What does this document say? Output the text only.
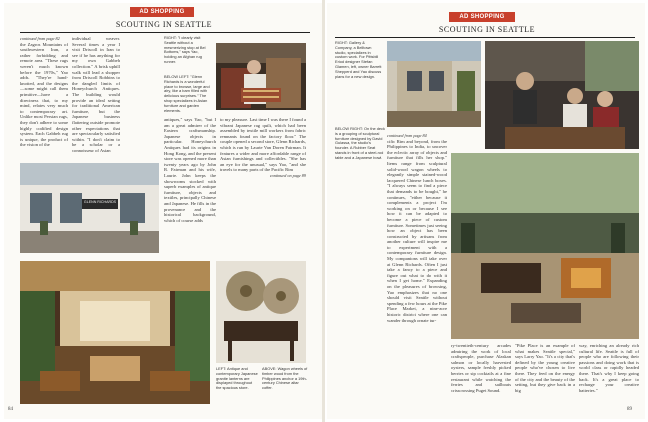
AD SHOPPING
SCOUTING IN SEATTLE
continued from page 82
the Zagros Mountains of southwestern Iran, a rather forbidding and remote area. "These rugs weren't much known before the 1970s," Yao adds. "They're hand-knotted, and the designs—some might call them primitive—have a directness that, to my mind, relates very much to contemporary art. Unlike most Persian rugs, they don't adhere to some highly codified design system. Each Gabbeh rug is unique, the product of the vision of the
individual weaver. Several times a year I visit Driscoll in Iran to see if he has anything for my own Gabbeh collection." A brisk uphill walk will lead a shopper from Driscoll Robbins to the dangled limits of Honeychurch Antiques. The building would provide an ideal setting for traditional American furniture, but the Japanese business flattering outside promote other expectations that are spectacularly satisfied within. "I don't claim to be a scholar or a connoisseur of Asian
RIGHT: "I clearly visit Seattle without a mesmerizing stop at Bel Bottoms," says Yao, holding an Afghan rug runner.
BELOW LEFT: "Glenn Richards is a wonderful place to browse, large and airy, like a barn filled with delicious surprises." The shop specializes in Asian furniture and garden elements.
GLENN RICHARDS
antiques," says Yao, "but I am a great admirer of the Eastern craftsmanship. Japanese objects in particular. Honeychurch Antiques had its origins in Hong Kong, and the present store was opened more than twenty years ago by John R. Fairman and his wife, Laurie. John keeps the showrooms stocked with superb examples of antique furniture, objects and textiles, principally Chinese and Japanese. He fills in the provenance and the historical background, which of course adds
to my pleasure. Last time I was there I found a vibrant Japanese rag quilt, which had been assembled by textile mill workers from fabric remnants found on the factory floor." The couple opened a second store, Glenn Richards, which is run by Laurie Van Doren Fairman. It features a wider and more affordable range of Asian furnishings and collectibles. "She has an eye for the unusual," says Yao, "and she travels to many parts of the Pacific Rim
continued on page 89
LEFT: Antique and contemporary Japanese granite lanterns are displayed throughout the spacious store.
ABOVE: Wagon wheels of timber wood from the Philippines anchor a 19th-century Chinese altar coffer.
84
AD SHOPPING
SCOUTING IN SEATTLE
RIGHT: Gallery & Company, a Belltown studio, specializes in custom work. For Pittsbill Eriod designer Stefan Glamen, left, owner Barrett Shepperd and Yao discuss plans for a new design.
BELOW RIGHT: On the deck is a grouping of sculptural furniture designed by David Gulassa, the studio's founder. A Rubber Seat stands in front of a steel-rod table and a Japanese bowl.
continued from page 84
cific Rim and beyond, from the Philippines to India, to uncover the eclectic array of objects and furniture that fills her shop." Items range from sculptural solid-wood wagon wheels to elegantly simple stained-wood lacquered Chinese lunch boxes. "I always seem to find a piece that demands to be bought," he continues, "either because it complements a project I'm working on or because I see how it can be adapted to become a piece of custom furniture. Sometimes just seeing how an object has been constructed by artisans from another culture will inspire me to experiment with a contemporary furniture design. My companions will take over at Glenn Richards. Often I just take a fancy to a piece and figure out what to do with it when I get home." Expanding on the pleasures of browsing, Yao emphasizes that no one should visit Seattle without spending a few hours at the Pike Place Market, a nine-acre historic district where one can wander through ornate tur-
ry-twentieth-century arcades admiring the work of local craftspeople, purchase Alaskan salmon or locally harvested oysters, sample freshly picked berries or sip cocktails at a fine restaurant while watching the ferries and sailboats crisscrossing Puget Sound.
"Pike Place is an example of what makes Seattle special," says Larry Yao. "It's a city that's defined by the young creative people who've chosen to live there. They feed on the energy of the city and the beauty of the setting, but they give back in a big
way, enriching an already rich cultural life. Seattle is full of people who are following their passions and doing work that is world class or rapidly headed there. That's why I keep going back. It's a great place to recharge your creative batteries."
89
